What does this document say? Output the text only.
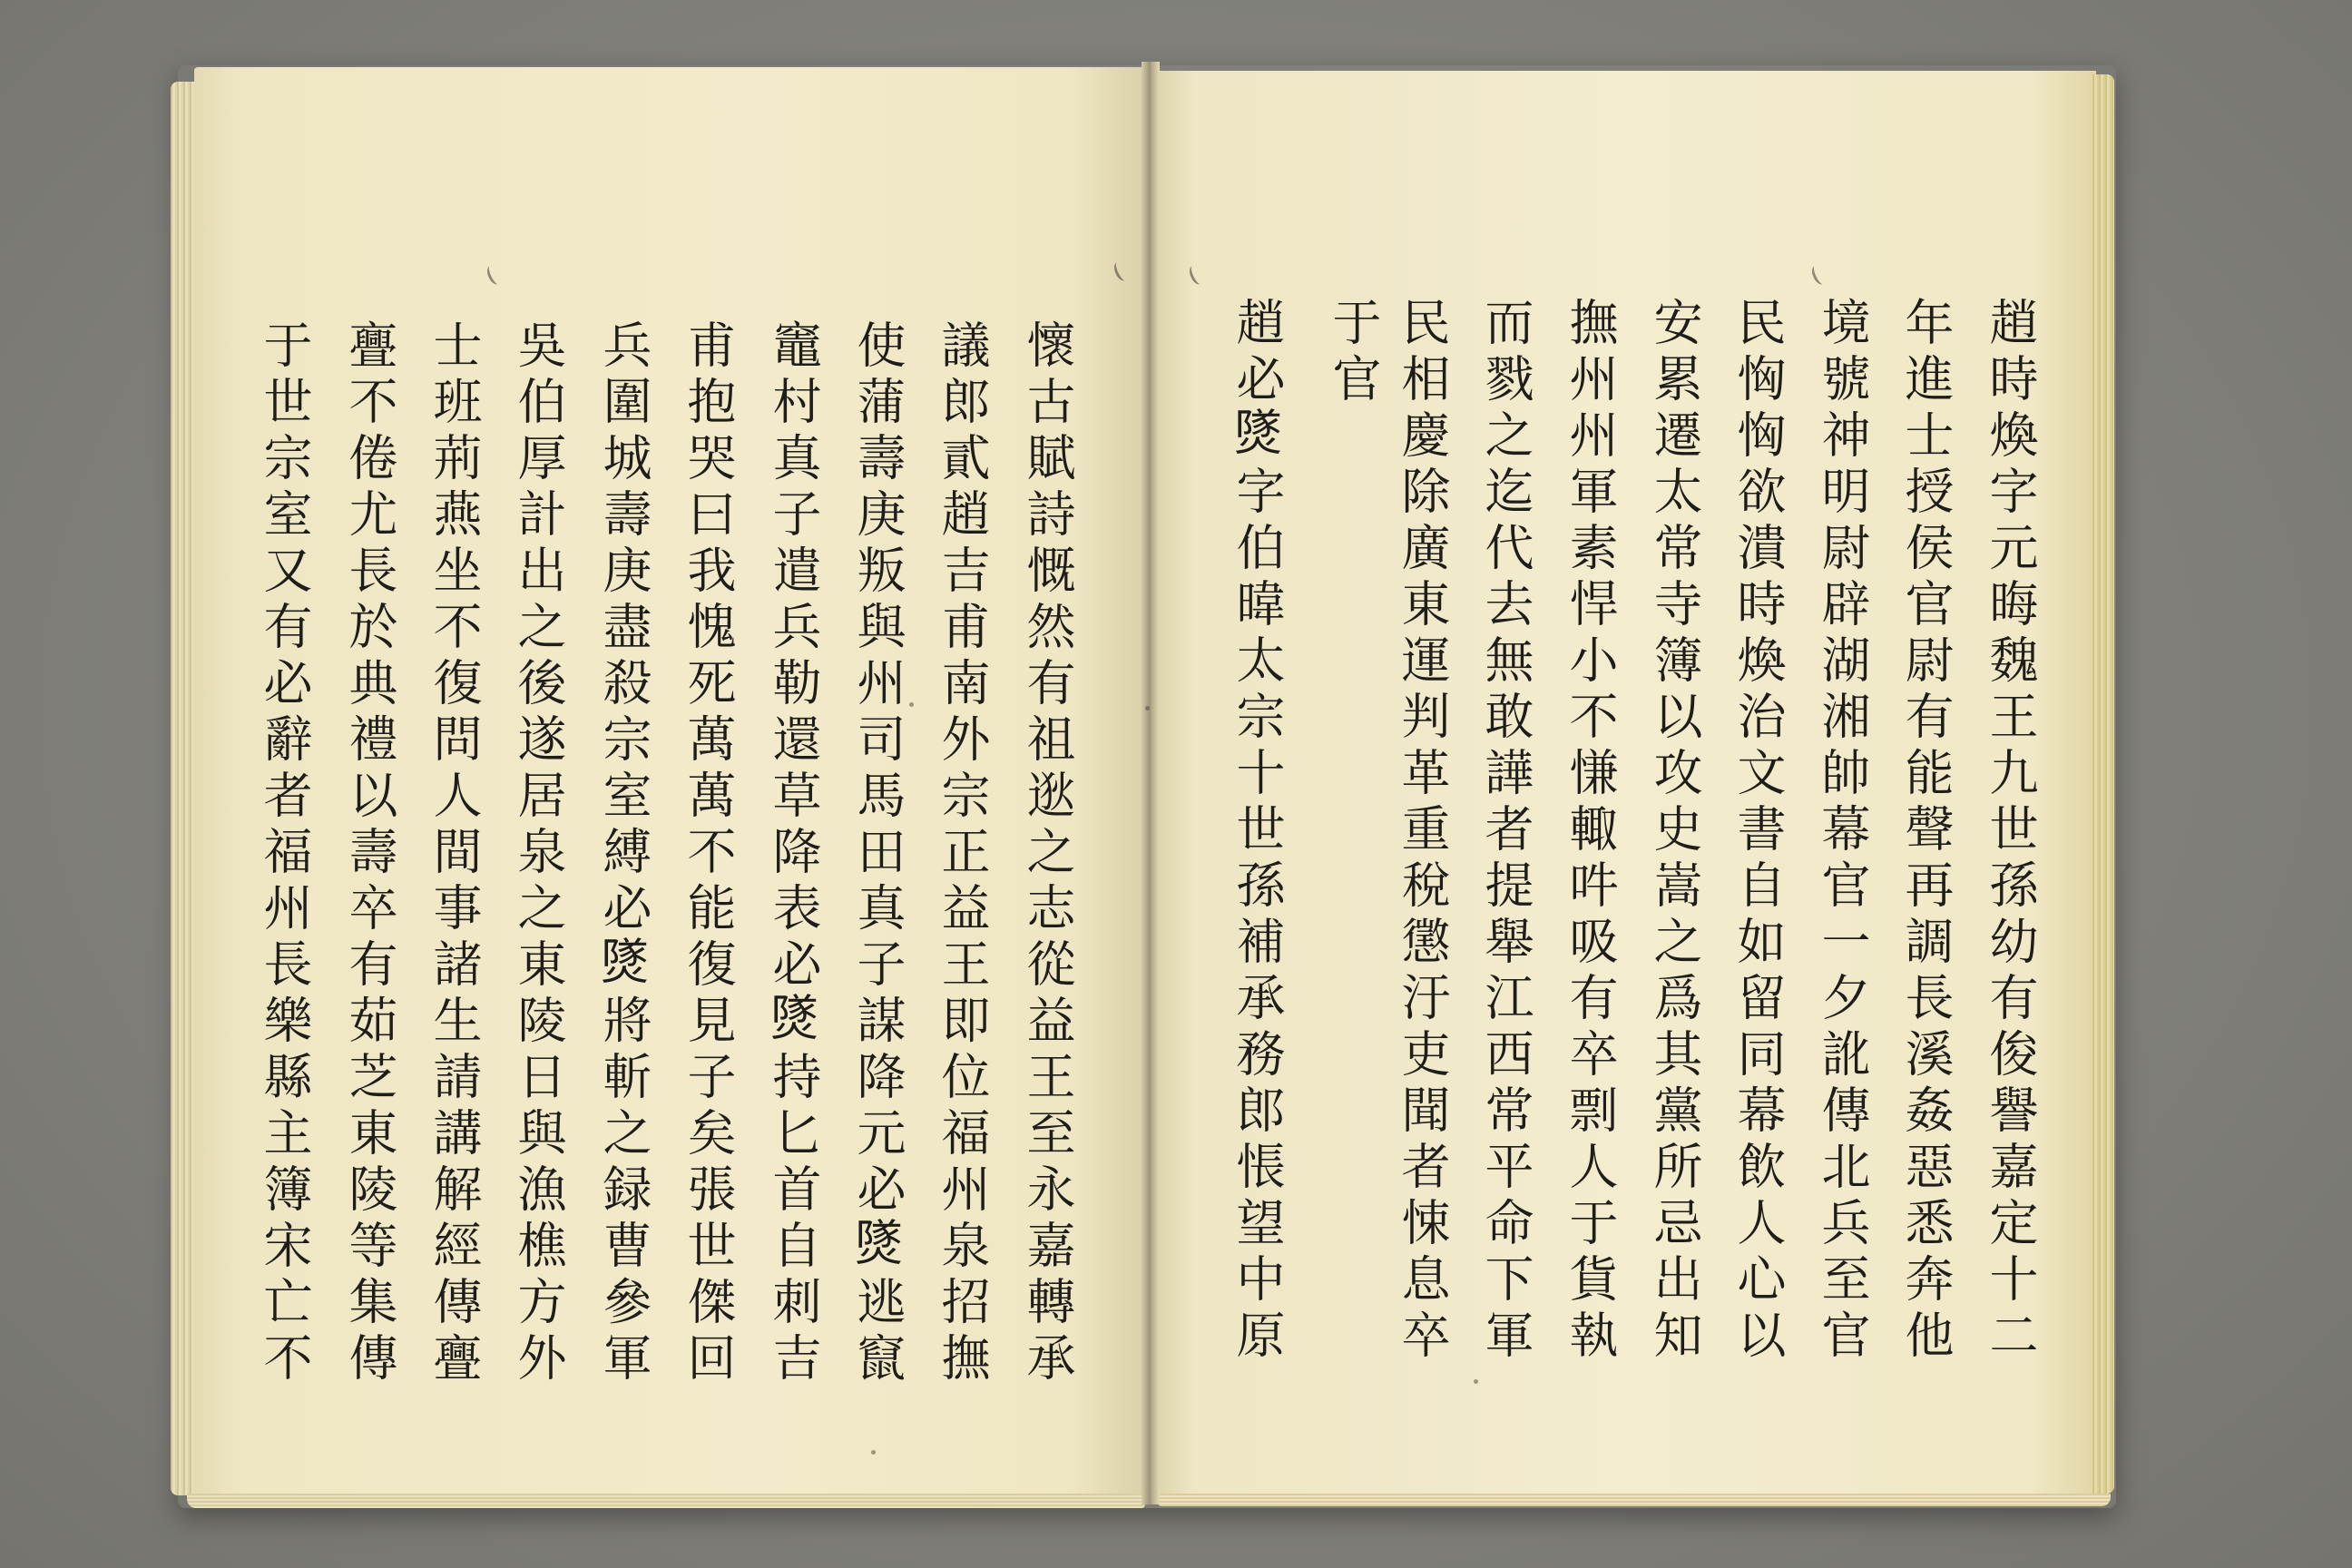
趙時煥字元晦魏王九世孫幼有俊譽嘉定十二
年進士授侯官尉有能聲再調長溪姦惡悉奔他
境號神明尉辟湖湘帥幕官一夕訛傳北兵至官
民恟恟欲潰時煥治文書自如留同幕飲人心以
安累遷太常寺簿以攻史嵩之爲其黨所忌出知
撫州州軍素悍小不慊輙吽吸有卒剽人于貨執
而戮之迄代去無敢譁者提舉江西常平命下軍
民相慶除廣東運判革重稅懲汙吏聞者悚息卒
于官
趙必𤎩字伯暐太宗十世孫補承務郎悵望中原
懷古賦詩慨然有祖逖之志從益王至永嘉轉承
議郎貳趙吉甫南外宗正益王即位福州泉招撫
使蒲壽庚叛與州司馬田真子謀降元必𤎩逃竄
竈村真子遣兵勒還草降表必𤎩持匕首自刺吉
甫抱哭曰我愧死萬萬不能復見子矣張世傑回
兵圍城壽庚盡殺宗室縛必𤎩將斬之録曹參軍
吳伯厚計出之後遂居泉之東陵日與漁樵方外
士班荊燕坐不復問人間事諸生請講解經傳亹
亹不倦尤長於典禮以壽卒有茹芝東陵等集傳
于世宗室又有必辭者福州長樂縣主簿宋亡不
